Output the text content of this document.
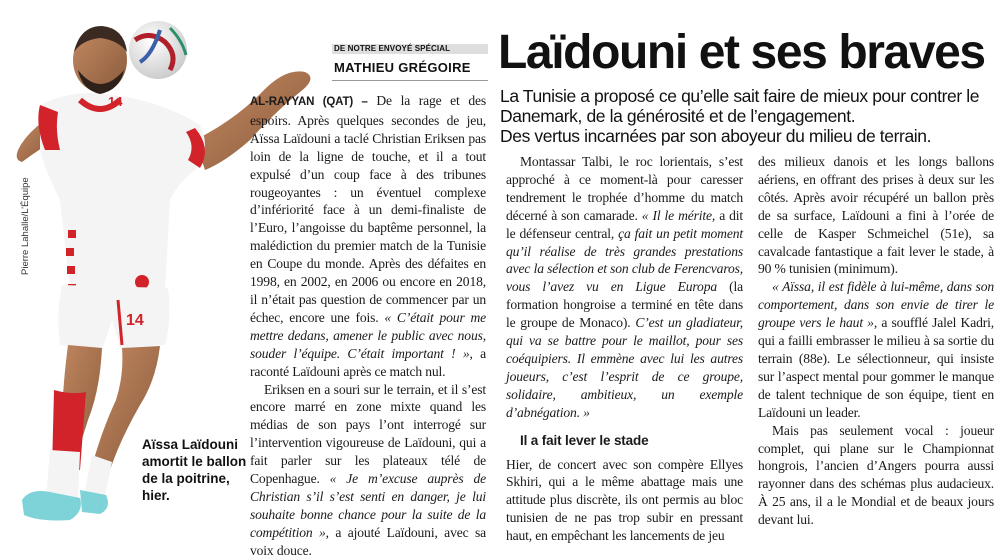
14
14
Pierre Lahalle/L’Équipe
Aïssa Laïdouni amortit le ballon de la poitrine, hier.
DE NOTRE ENVOYÉ SPÉCIAL
MATHIEU GRÉGOIRE Laïdouni et ses braves

La Tunisie a proposé ce qu’elle sait faire de mieux pour contrer le Danemark, de la générosité et de l’engagement.

Des vertus incarnées par son aboyeur du milieu de terrain.

AL-RAYYAN (QAT) – De la rage et des espoirs. Après quelques secondes de jeu, Aïssa Laïdouni a taclé Christian Eriksen pas loin de la ligne de touche, et il a tout expulsé d’un coup face à des tribunes rougeoyantes : un éventuel complexe d’infériorité face à un demi-finaliste de l’Euro, l’angoisse du baptême personnel, la malédiction du premier match de la Tunisie en Coupe du monde. Après des défaites en 1998, en 2002, en 2006 ou encore en 2018, il n’était pas question de commencer par un échec, encore une fois. « C’était pour me mettre dedans, amener le public avec nous, souder l’équipe. C’était important ! », a raconté Laïdouni après ce match nul.

Eriksen en a souri sur le terrain, et il s’est encore marré en zone mixte quand les médias de son pays l’ont interrogé sur l’intervention vigoureuse de Laïdouni, qui a fait parler sur les plateaux télé de Copenhague. « Je m’excuse auprès de Christian s’il s’est senti en danger, je lui souhaite bonne chance pour la suite de la compétition », a ajouté Laïdouni, avec sa voix douce.

Montassar Talbi, le roc lorientais, s’est approché à ce moment-là pour caresser tendrement le trophée d’homme du match décerné à son camarade. « Il le mérite, a dit le défenseur central, ça fait un petit moment qu’il réalise de très grandes prestations avec la sélection et son club de Ferencvaros, vous l’avez vu en Ligue Europa (la formation hongroise a terminé en tête dans le groupe de Monaco). C’est un gladiateur, qui va se battre pour le maillot, pour ses coéquipiers. Il emmène avec lui les autres joueurs, c’est l’esprit de ce groupe, solidaire, ambitieux, un exemple d’abnégation. »

Il a fait lever le stade

Hier, de concert avec son compère Ellyes Skhiri, qui a le même abattage mais une attitude plus discrète, ils ont permis au bloc tunisien de ne pas trop subir en pressant haut, en empêchant les lancements de jeu

des milieux danois et les longs ballons aériens, en offrant des prises à deux sur les côtés. Après avoir récupéré un ballon près de sa surface, Laïdouni a fini à l’orée de celle de Kasper Schmeichel (51e), sa cavalcade fantastique a fait lever le stade, à 90 % tunisien (minimum).

« Aïssa, il est fidèle à lui-même, dans son comportement, dans son envie de tirer le groupe vers le haut », a soufflé Jalel Kadri, qui a failli embrasser le milieu à sa sortie du terrain (88e). Le sélectionneur, qui insiste sur l’aspect mental pour gommer le manque de talent technique de son équipe, tient en Laïdouni un leader.

Mais pas seulement vocal : joueur complet, qui plane sur le Championnat hongrois, l’ancien d’Angers pourra aussi rayonner dans des schémas plus audacieux. À 25 ans, il a le Mondial et de beaux jours devant lui.
